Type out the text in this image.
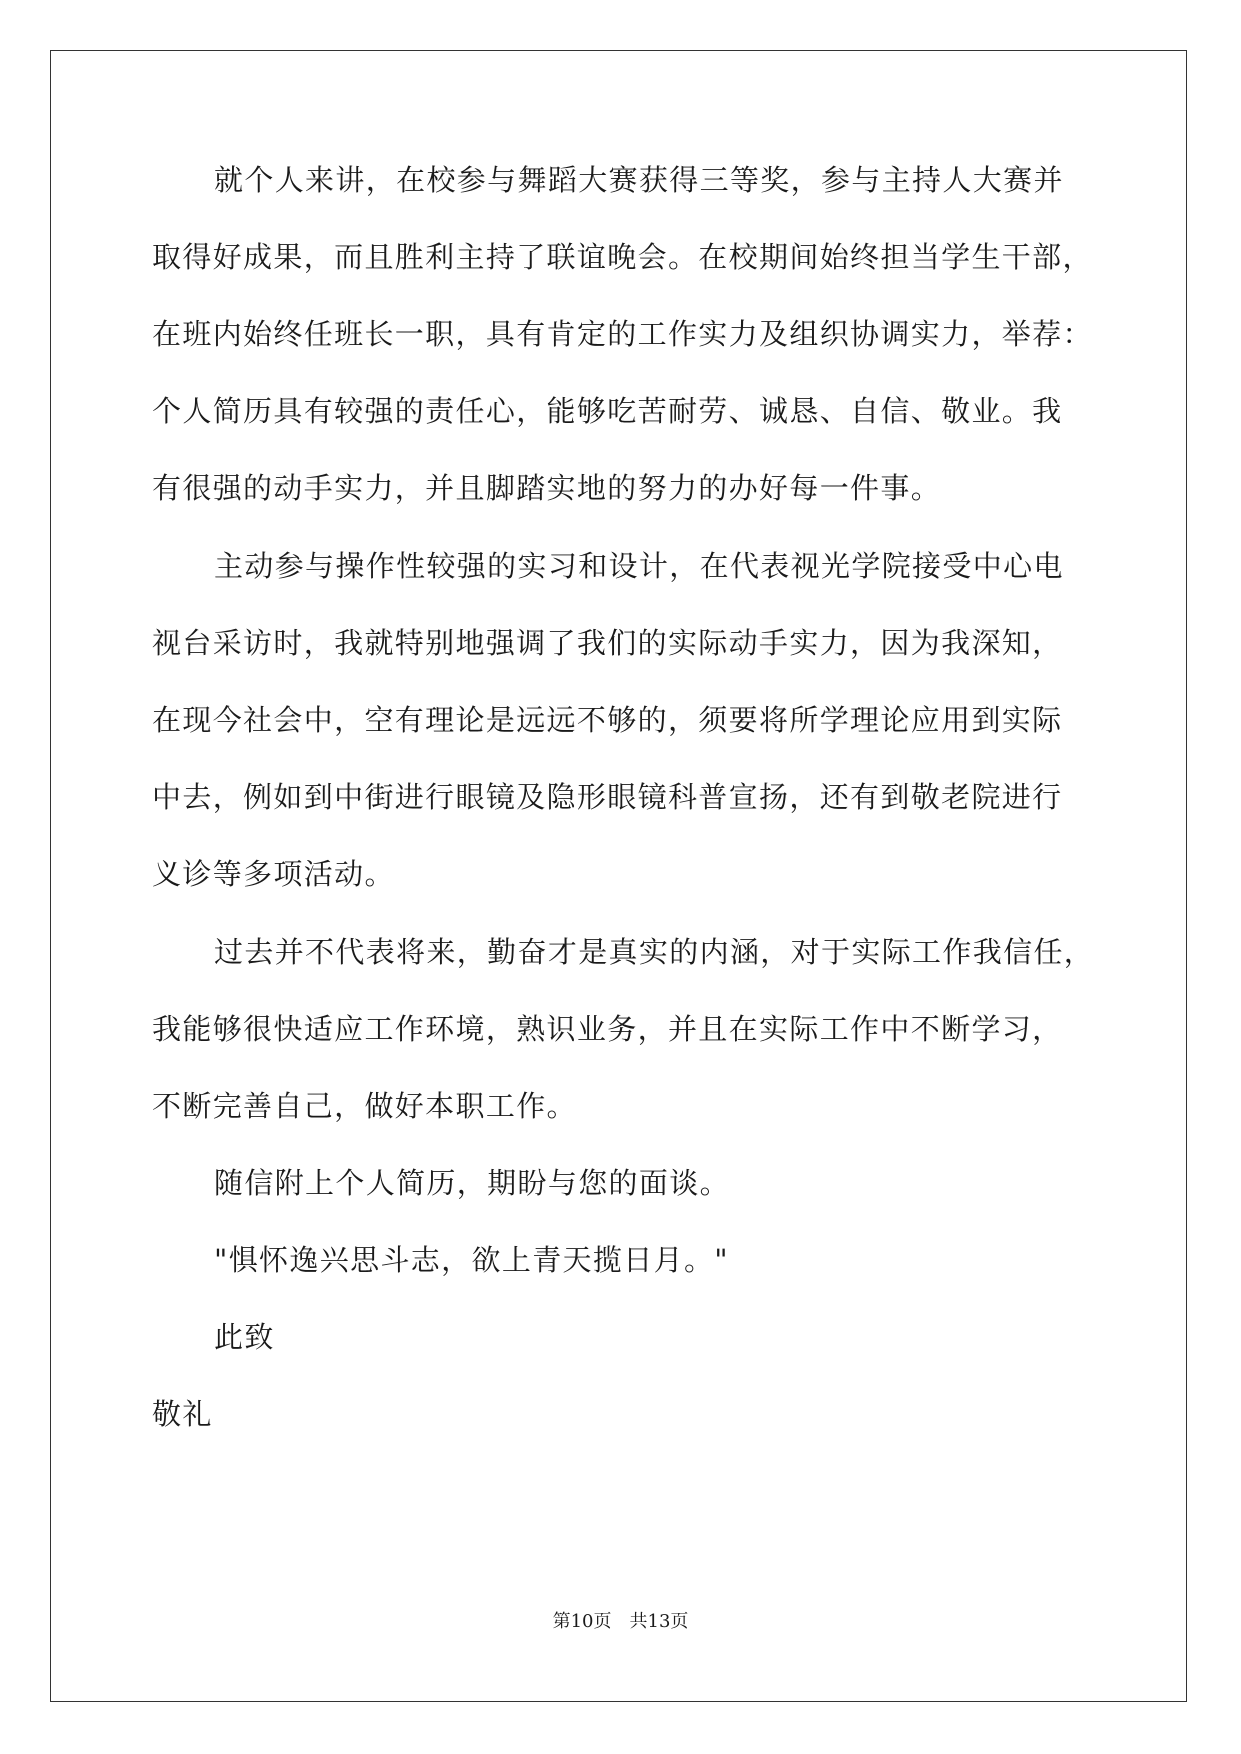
就个人来讲，在校参与舞蹈大赛获得三等奖，参与主持人大赛并
取得好成果，而且胜利主持了联谊晚会。在校期间始终担当学生干部，
在班内始终任班长一职，具有肯定的工作实力及组织协调实力，举荐：
个人简历具有较强的责任心，能够吃苦耐劳、诚恳、自信、敬业。我
有很强的动手实力，并且脚踏实地的努力的办好每一件事。
主动参与操作性较强的实习和设计，在代表视光学院接受中心电
视台采访时，我就特别地强调了我们的实际动手实力，因为我深知，
在现今社会中，空有理论是远远不够的，须要将所学理论应用到实际
中去，例如到中街进行眼镜及隐形眼镜科普宣扬，还有到敬老院进行
义诊等多项活动。
过去并不代表将来，勤奋才是真实的内涵，对于实际工作我信任，
我能够很快适应工作环境，熟识业务，并且在实际工作中不断学习，
不断完善自己，做好本职工作。
随信附上个人简历，期盼与您的面谈。
"惧怀逸兴思斗志，欲上青天揽日月。"
此致
敬礼
第10页　共13页
